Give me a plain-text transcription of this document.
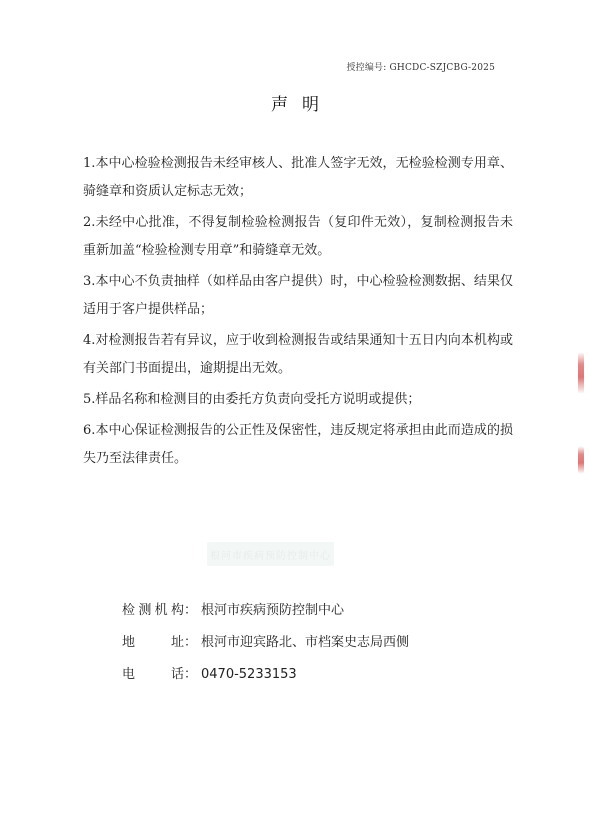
授控编号: GHCDC-SZJCBG-2025
声明

1.本中心检验检测报告未经审核人、批准人签字无效，无检验检测专用章、骑缝章和资质认定标志无效；

2.未经中心批准，不得复制检验检测报告（复印件无效），复制检测报告未重新加盖“检验检测专用章”和骑缝章无效。

3.本中心不负责抽样（如样品由客户提供）时，中心检验检测数据、结果仅适用于客户提供样品；

4.对检测报告若有异议，应于收到检测报告或结果通知十五日内向本机构或有关部门书面提出，逾期提出无效。

5.样品名称和检测目的由委托方负责向受托方说明或提供；

6.本中心保证检测报告的公正性及保密性，违反规定将承担由此而造成的损失乃至法律责任。

根河市疾病预防控制中心
检测机构： 根河市疾病预防控制中心
地　　址： 根河市迎宾路北、市档案史志局西侧
电　　话： 0470-5233153
